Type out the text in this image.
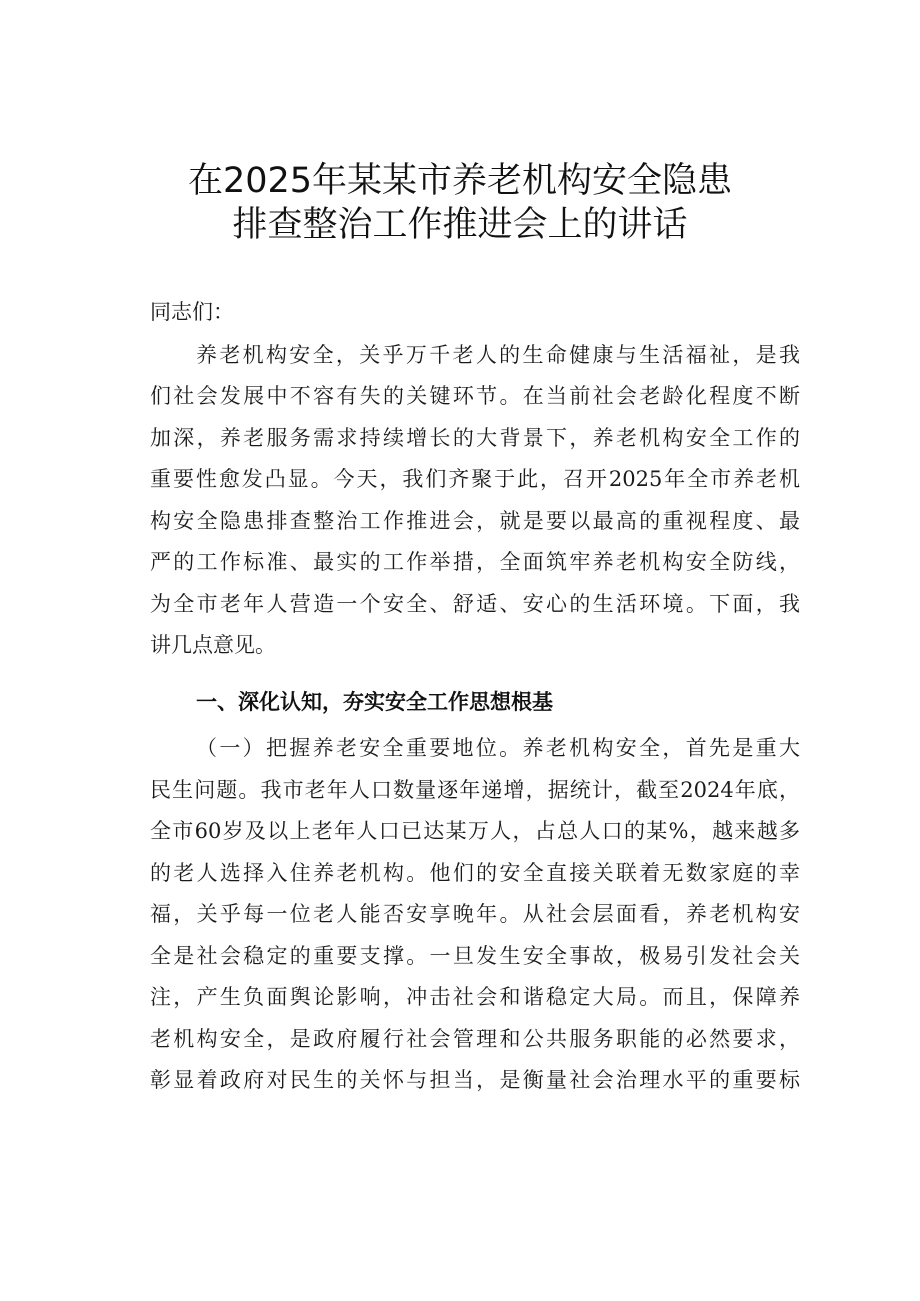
在2025年某某市养老机构安全隐患
排查整治工作推进会上的讲话
同志们：
养老机构安全，关乎万千老人的生命健康与生活福祉，是我
们社会发展中不容有失的关键环节。在当前社会老龄化程度不断
加深，养老服务需求持续增长的大背景下，养老机构安全工作的
重要性愈发凸显。今天，我们齐聚于此，召开2025年全市养老机
构安全隐患排查整治工作推进会，就是要以最高的重视程度、最
严的工作标准、最实的工作举措，全面筑牢养老机构安全防线，
为全市老年人营造一个安全、舒适、安心的生活环境。下面，我
讲几点意见。
一、深化认知，夯实安全工作思想根基
（一）把握养老安全重要地位。养老机构安全，首先是重大
民生问题。我市老年人口数量逐年递增，据统计，截至2024年底，
全市60岁及以上老年人口已达某万人，占总人口的某%，越来越多
的老人选择入住养老机构。他们的安全直接关联着无数家庭的幸
福，关乎每一位老人能否安享晚年。从社会层面看，养老机构安
全是社会稳定的重要支撑。一旦发生安全事故，极易引发社会关
注，产生负面舆论影响，冲击社会和谐稳定大局。而且，保障养
老机构安全，是政府履行社会管理和公共服务职能的必然要求，
彰显着政府对民生的关怀与担当，是衡量社会治理水平的重要标
